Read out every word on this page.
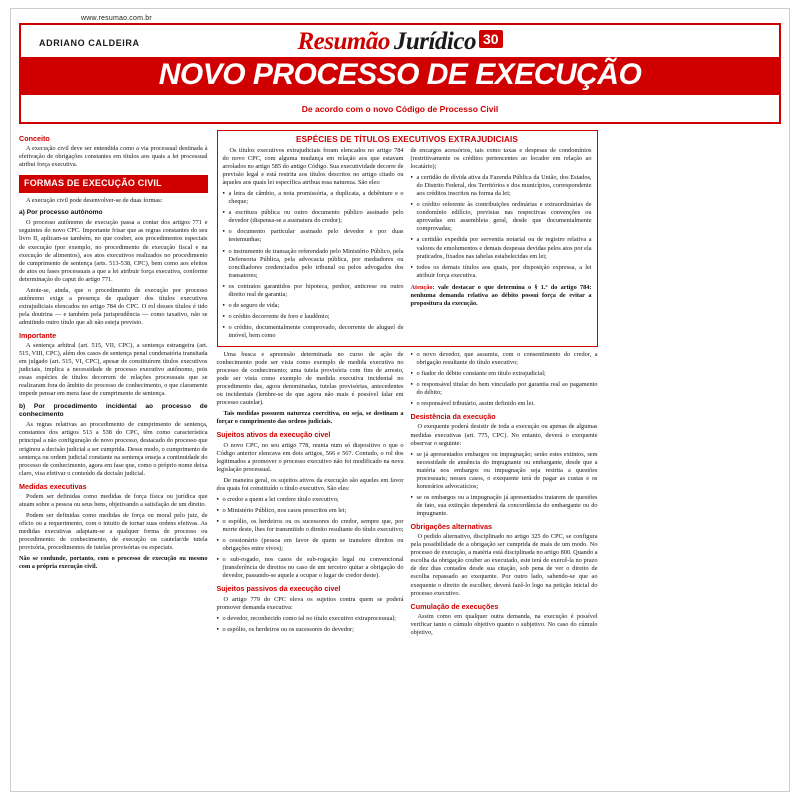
www.resumao.com.br
ADRIANO CALDEIRA	Resumão Jurídico 30
NOVO PROCESSO DE EXECUÇÃO
De acordo com o novo Código de Processo Civil
Conceito

A execução civil deve ser entendida como a via processual destinada à efetivação de obrigações constantes em títulos aos quais a lei processual atribui força executiva.

FORMAS DE EXECUÇÃO CIVIL

A execução civil pode desenvolver-se de duas formas:

a) Por processo autônomo

O processo autônomo de execução passa a contar dos artigos 771 e seguintes do novo CPC. Importante frisar que as regras constantes do seu livro II, aplicam-se também, no que couber, aos procedimentos especiais de execução (por exemplo, no procedimento de execução fiscal e na execução de alimentos), aos atos executivos realizados no procedimento de cumprimento de sentença (arts. 513-538, CPC), bem como aos efeitos de atos ou fases processuais a que a lei atribuir força executiva, conforme determinação do caput do artigo 771.

Anote-se, ainda, que o procedimento de execução por processo autônomo exige a presença de qualquer dos títulos executivos extrajudiciais elencados no artigo 784 do CPC. O rol desses títulos é tido pela doutrina — e também pela jurisprudência — como taxativo, não se admitindo outro título que ali não esteja previsto.

Importante

A sentença arbitral (art. 515, VII, CPC), a sentença estrangeira (art. 515, VIII, CPC), além dos casos de sentença penal condenatória transitada em julgado (art. 515, VI, CPC), apesar de constituírem títulos executivos judiciais, implica a necessidade de processo executivo autônomo, pois essas espécies de títulos decorrem de relações processuais que se realizaram fora do âmbito do processo de conhecimento, o que claramente impede pensar em mera fase de cumprimento de sentença.

b) Por procedimento incidental ao processo de conhecimento

As regras relativas ao procedimento de cumprimento de sentença, constantes dos artigos 513 a 538 do CPC, têm como característica principal a não configuração de novo processo, destacado do processo que originou a decisão judicial a ser cumprida. Desse modo, o cumprimento de sentença ou ordem judicial constante na sentença enseja a continuidade do processo de conhecimento, agora em fase que, como o próprio nome deixa claro, visa efetivar o conteúdo da decisão judicial.

Medidas executivas

Podem ser definidas como medidas de força física ou jurídica que atuam sobre a pessoa ou seus bens, objetivando a satisfação de um direito.

Podem ser definidas como medidas de força ou moral pelo juiz, de ofício ou a requerimento, com o intuito de tornar suas ordens efetivas. As medidas executivas adaptam-se a qualquer forma de processo ou procedimento: de conhecimento, de execução ou cautelar/de tutela provisória, procedimentos de tutelas provisórias ou especiais.

Não se confunde, portanto, com o processo de execução ou mesmo com a própria execução civil.

ESPÉCIES DE TÍTULOS EXECUTIVOS EXTRAJUDICIAIS

Os títulos executivos extrajudiciais foram elencados no artigo 784 do novo CPC, com alguma mudança em relação aos que estavam arrolados no artigo 585 do antigo Código. Sua executividade decorre de previsão legal e está restrita aos títulos descritos no artigo citado ou àqueles aos quais lei específica atribua essa natureza. São eles:

● a letra de câmbio, a nota promissória, a duplicata, a debênture e o cheque;

● a escritura pública ou outro documento público assinado pelo devedor (dispensa-se a assinatura do credor);

● o documento particular assinado pelo devedor e por duas testemunhas;

● o instrumento de transação referendado pelo Ministério Público, pela Defensoria Pública, pela advocacia pública, por mediadores ou conciliadores credenciados pelo tribunal ou pelos advogados dos transatores;

● os contratos garantidos por hipoteca, penhor, anticrese ou outro direito real de garantia;

● o de seguro de vida;

● o crédito decorrente de foro e laudêmio;

● o crédito, documentalmente comprovado, decorrente de aluguel de imóvel, bem como

de encargos acessórios, tais como taxas e despesas de condomínios (restritivamente os créditos pertencentes ao locador em relação ao locatário);

● a certidão de dívida ativa da Fazenda Pública da União, dos Estados, do Distrito Federal, dos Territórios e dos municípios, correspondente aos créditos inscritos na forma da lei;

● o crédito referente às contribuições ordinárias e extraordinárias de condomínio edilício, previstas nas respectivas convenções ou aprovadas em assembleia geral, desde que documentalmente comprovadas;

● a certidão expedida por serventia notarial ou de registro relativa a valores de emolumentos e demais despesas devidas pelos atos por ela praticados, fixados nas tabelas estabelecidas em lei;

● todos os demais títulos aos quais, por disposição expressa, a lei atribuir força executiva.

Atenção: vale destacar o que determina o § 1.º do artigo 784: nenhuma demanda relativa ao débito possui força de evitar a propositura da execução.

Uma busca e apreensão determinada no curso de ação de conhecimento pode ser vista como exemplo de medida executiva no processo de conhecimento; uma tutela provisória com fins de arresto, pode ser vista como exemplo de medida executiva incidental no procedimento das, agora denominadas, tutelas provisórias, antecedentes ou incidentais (lembre-se de que agora não mais é possível falar em processo cautelar).

Tais medidas possuem natureza coercitiva, ou seja, se destinam a forçar o cumprimento das ordens judiciais.

Sujeitos ativos da execução civel

O novo CPC, no seu artigo 778, reunia num só dispositivo o que o Código anterior elencava em dois artigos, 566 e 567. Contudo, o rol dos legitimados a promover o processo executivo não foi modificado na nova legislação processual.

De maneira geral, os sujeitos ativos da execução são aqueles em favor dos quais foi constituído o título executivo. São eles:

● o credor a quem a lei confere título executivo;

● o Ministério Público, nos casos prescritos em lei;

● o espólio, os herdeiros ou os sucessores do credor, sempre que, por morte deste, lhes for transmitido o direito resultante do título executivo;

● o cessionário (pessoa em favor de quem se transfere direitos ou obrigações entre vivos);

● o sub-rogado, nos casos de sub-rogação legal ou convencional (transferência de direitos no caso de um terceiro quitar a obrigação do devedor, passando-se aquele a ocupar o lugar de credor deste).

Sujeitos passivos da execução civel

O artigo 779 do CPC eleva os sujeitos contra quem se poderá promover demanda executiva:

● o devedor, reconhecido como tal no título executivo extraprocessual;

● o espólio, os herdeiros ou os sucessores do devedor;

● o novo devedor, que assumiu, com o consentimento do credor, a obrigação resultante do título executivo;

● o fiador do débito constante em título extrajudicial;

● o responsável titular do bem vinculado por garantia real ao pagamento do débito;

● o responsável tributário, assim definido em lei.

Desistência da execução

O exequente poderá desistir de toda a execução ou apenas de algumas medidas executivas (art. 775, CPC). No entanto, deverá o exequente observar o seguinte:

● se já apresentados embargos ou impugnação; serão estes extintos, sem necessidade de anuência do impugnante ou embargante, desde que a matéria nos embargos ou impugnação seja restrita a questões processuais; nesses casos, o exequente terá de pagar as custas e os honorários advocatícios;

● se os embargos ou a impugnação já apresentados tratarem de questões de fato, sua extinção dependerá da concordância do embargante ou do impugnante.

Obrigações alternativas

O pedido alternativo, disciplinado no artigo 325 do CPC, se configura pela possibilidade de a obrigação ser cumprida de mais de um modo. No processo de execução, a matéria está disciplinada no artigo 800. Quando a escolha da obrigação couber ao executado, este terá de exercê-la no prazo de dez dias contados desde sua citação, sob pena de ver o direito de escolha repassado ao exequente. Por outro lado, sabendo-se que ao exequente o direito de escolher, deverá fazê-lo logo na petição inicial do processo executivo.

Cumulação de execuções

Assim como em qualquer outra demanda, na execução é possível verificar tanto o cúmulo objetivo quanto o subjetivo. No caso do cúmulo objetivo,
